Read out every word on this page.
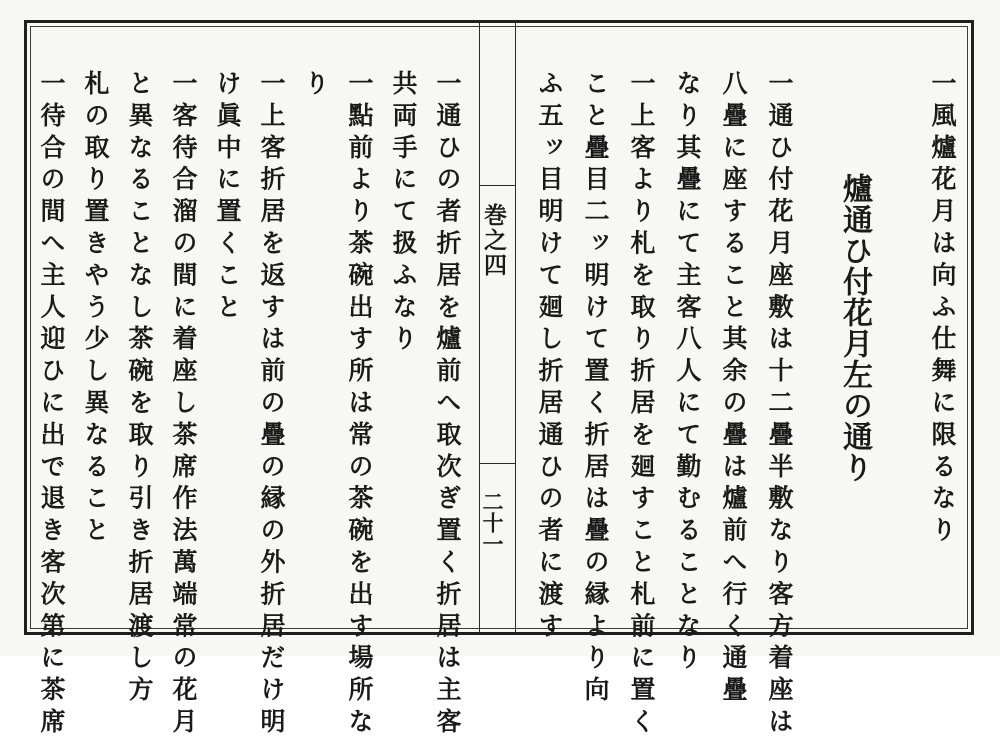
巻之四
二十一	一風爐花月は向ふ仕舞に限るなり
爐通ひ付花月左の通り
一通ひ付花月座敷は十二疊半敷なり客方着座は
八疊に座すること其余の疊は爐前へ行く通疊
なり其疊にて主客八人にて勤むることなり
一上客より札を取り折居を廻すこと札前に置く
こと疊目二ッ明けて置く折居は疊の縁より向
ふ五ッ目明けて廻し折居通ひの者に渡す
一通ひの者折居を爐前へ取次ぎ置く折居は主客
共両手にて扱ふなり
一點前より茶碗出す所は常の茶碗を出す場所な
り
一上客折居を返すは前の疊の縁の外折居だけ明
け眞中に置くこと
一客待合溜の間に着座し茶席作法萬端常の花月
と異なることなし茶碗を取り引き折居渡し方
札の取り置きやう少し異なること
一待合の間へ主人迎ひに出で退き客次第に茶席
